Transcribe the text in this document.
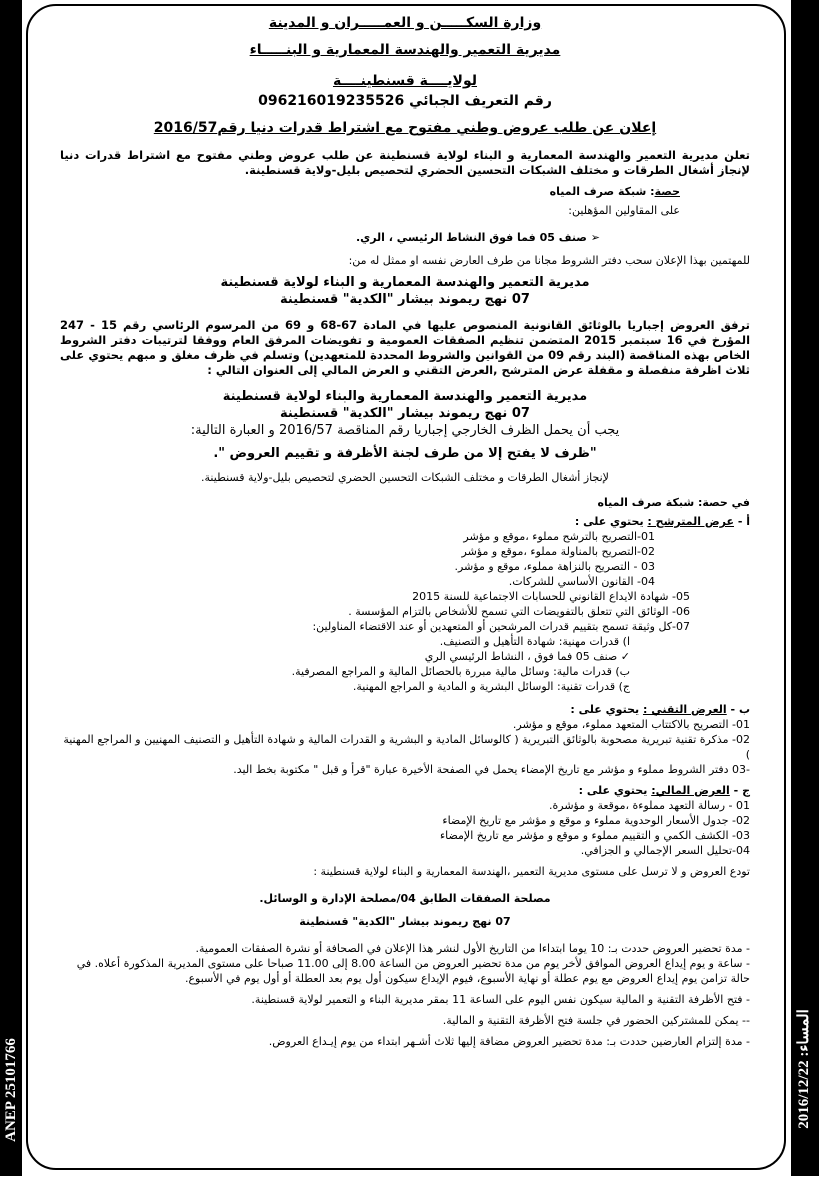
ANEP 25101766
المساء: 2016/12/22

وزارة السكـــــن و العمـــــران و المدينة

مديرية التعمير والهندسة المعمارية و البنـــــاء

لولايــــة قسنطينــــة

رقم التعريف الجبائي 096216019235526

إعلان عن طلب عروض وطني مفتوح مع اشتراط قدرات دنيا رقم2016/57

تعلن مديرية التعمير والهندسة المعمارية و البناء لولاية قسنطينة عن طلب عروض وطني مفتوح مع اشتراط قدرات دنيا لإنجاز أشغال الطرقات و مختلف الشبكات التحسين الحضري لتحصيص بليل-ولاية قسنطينة.

حصة: شبكة صرف المياه

على المقاولين المؤهلين:

➢ صنف 05 فما فوق النشاط الرئيسي ، الري.

للمهتمين بهذا الإعلان سحب دفتر الشروط مجانا من طرف العارض نفسه او ممثل له من:

مديرية التعمير والهندسة المعمارية و البناء لولاية قسنطينة

07 نهج ريموند بيشار "الكدية" قسنطينة

ترفق العروض إجباريا بالوثائق القانونية المنصوص عليها في المادة 67-68 و 69 من المرسوم الرئاسي رقم 15 - 247 المؤرخ في 16 سبتمبر 2015 المتضمن تنظيم الصفقات العمومية و تفويضات المرفق العام ووفقا لترتيبات دفتر الشروط الخاص بهذه المناقصة (البند رقم 09 من القوانين والشروط المحددة للمتعهدين) وتسلم في ظرف مغلق و مبهم يحتوي على ثلاث اظرفة منفصلة و مقفلة عرض المترشح ,العرض التقني و العرض المالي إلى العنوان التالي :

مديرية التعمير والهندسة المعمارية والبناء لولاية قسنطينة

07 نهج ريموند بيشار "الكدية" قسنطينة

يجب أن يحمل الظرف الخارجي إجباريا رقم المناقصة 2016/57 و العبارة التالية:

"ظرف لا يفتح إلا من طرف لجنة الأظرفة و تقييم العروض ".

لإنجاز أشغال الطرقات و مختلف الشبكات التحسين الحضري لتحصيص بليل-ولاية قسنطينة.

في حصة: شبكة صرف المياه

أ - عرض المترشح : يحتوي على :

01-التصريح بالترشح مملوء ،موقع و مؤشر

02-التصريح بالمناولة مملوء ،موقع و مؤشر

03 - التصريح بالنزاهة مملوء، موقع و مؤشر.

04- القانون الأساسي للشركات.

05- شهادة الايداع القانوني للحسابات الاجتماعية للسنة 2015

06- الوثائق التي تتعلق بالتفويضات التي تسمح للأشخاص بالتزام المؤسسة .

07-كل وثيقة تسمح بتقييم قدرات المرشحين أو المتعهدين أو عند الاقتضاء المناولين:

ا) قدرات مهنية: شهادة التأهيل و التصنيف.

✓ صنف 05 فما فوق ، النشاط الرئيسي الري

ب) قدرات مالية: وسائل مالية مبررة بالحصائل المالية و المراجع المصرفية.

ج) قدرات تقنية: الوسائل البشرية و المادية و المراجع المهنية.

ب - العرض التقني : يحتوي على :

01- التصريح بالاكتتاب المتعهد مملوء، موقع و مؤشر.

02- مذكرة تقنية تبريرية مصحوبة بالوثائق التبريرية ( كالوسائل المادية و البشرية و القدرات المالية و شهادة التأهيل و التصنيف المهنيين و المراجع المهنية )

-03 دفتر الشروط مملوء و مؤشر مع تاريخ الإمضاء يحمل في الصفحة الأخيرة عبارة "قرأ و قبل " مكتوبة بخط اليد.

ج - العرض المالي: يحتوي على :

01 - رسالة التعهد مملوءة ،موقعة و مؤشرة.

02- جدول الأسعار الوحدوية مملوء و موقع و مؤشر مع تاريخ الإمضاء

03- الكشف الكمي و التقييم مملوء و موقع و مؤشر مع تاريخ الإمضاء

04-تحليل السعر الإجمالي و الجزافي.

تودع العروض و لا ترسل على مستوى مديرية التعمير ،الهندسة المعمارية و البناء لولاية قسنطينة :

مصلحة الصفقات الطابق 04/مصلحة الإدارة و الوسائل.

07 نهج ريموند بيشار "الكدية" قسنطينة

- مدة تحضير العروض حددت بـ: 10 يوما ابتداءا من التاريخ الأول لنشر هذا الإعلان في الصحافة أو نشرة الصفقات العمومية.

- ساعة و يوم إيداع العروض الموافق لأخر يوم من مدة تحضير العروض من الساعة 8.00 إلى 11.00 صباحا على مستوى المديرية المذكورة أعلاه. في حالة تزامن يوم إيداع العروض مع يوم عطلة أو نهاية الأسبوع، فيوم الإيداع سيكون أول يوم بعد العطلة أو أول يوم في الأسبوع.

- فتح الأظرفة التقنية و المالية سيكون نفس اليوم على الساعة 11 بمقر مديرية البناء و التعمير لولاية قسنطينة.

-- يمكن للمشتركين الحضور في جلسة فتح الأظرفة التقنية و المالية.

- مدة إلتزام العارضين حددت بـ: مدة تحضير العروض مضافة إليها ثلاث أشـهر ابتداء من يوم إيـداع العروض.
